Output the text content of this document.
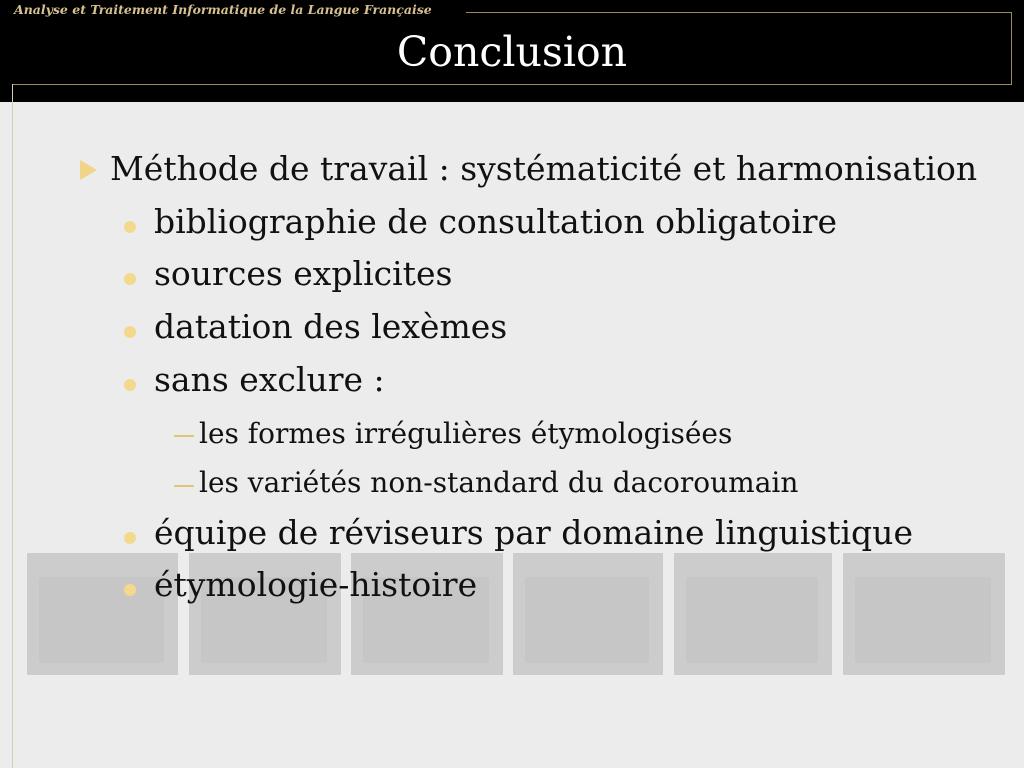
Analyse et Traitement Informatique de la Langue Française
Conclusion
Méthode de travail : systématicité et harmonisation
bibliographie de consultation obligatoire
sources explicites
datation des lexèmes
sans exclure :
les formes irrégulières étymologisées
les variétés non-standard du dacoroumain
équipe de réviseurs par domaine linguistique
étymologie-histoire
